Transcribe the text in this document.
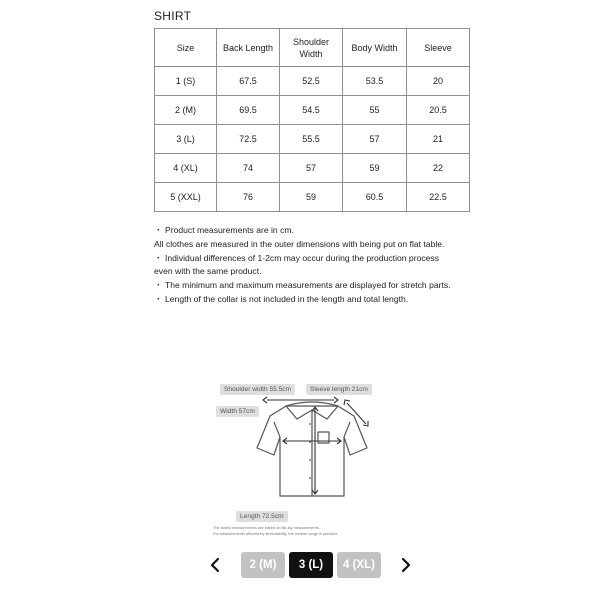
SHIRT
Size	Back Length	Shoulder Width	Body Width	Sleeve
1 (S)	67.5	52.5	53.5	20
2 (M)	69.5	54.5	55	20.5
3 (L)	72.5	55.5	57	21
4 (XL)	74	57	59	22
5 (XXL)	76	59	60.5	22.5

・ Product measurements are in cm.

All clothes are measured in the outer dimensions with being put on flat table.

・ Individual differences of 1-2cm may occur during the production process even with the same product.

・ The minimum and maximum measurements are displayed for stretch parts.

・ Length of the collar is not included in the length and total length.

Shoulder width 55.5cm	Sleeve length 21cm
Width 57cm
Length 72.5cm
The stated measurements are based on flat-lay measurements.
For measurements affected by stretchability, the median range is provided.
2 (M)	3 (L)	4 (XL)
